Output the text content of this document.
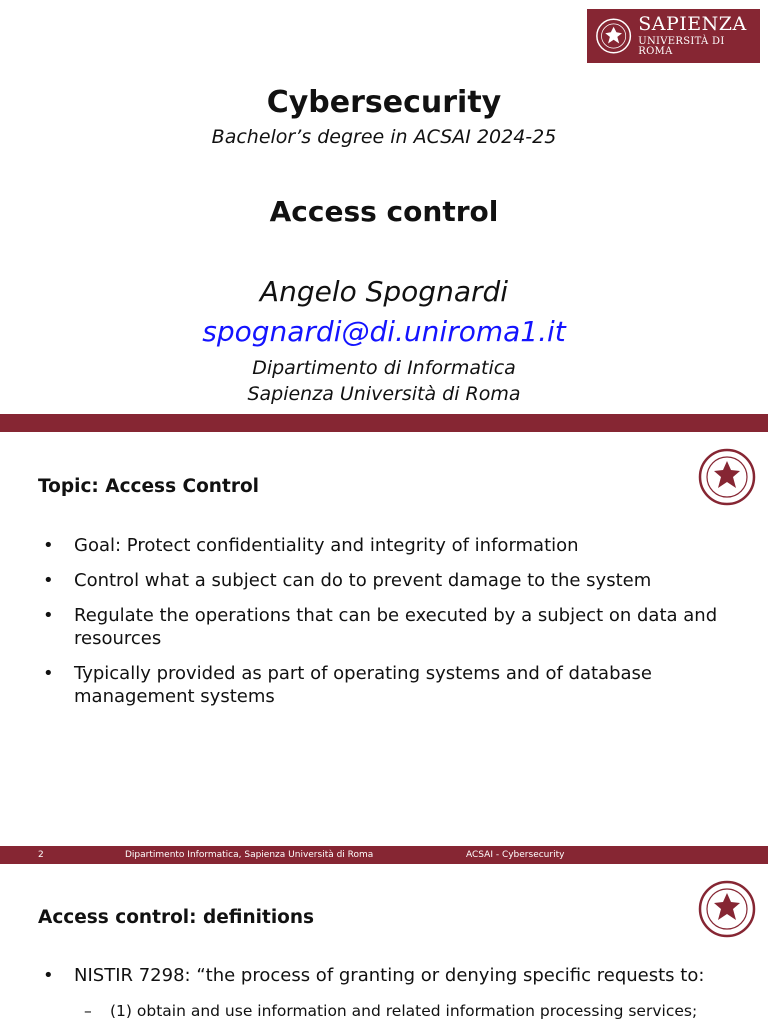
SAPIENZA
UNIVERSITÀ DI ROMA
Cybersecurity
Bachelor’s degree in ACSAI 2024-25
Access control
Angelo Spognardi
spognardi@di.uniroma1.it
Dipartimento di Informatica
Sapienza Università di Roma
Topic: Access Control
• Goal: Protect confidentiality and integrity of information
• Control what a subject can do to prevent damage to the system
• Regulate the operations that can be executed by a subject on data and resources
• Typically provided as part of operating systems and of database management systems
2	Dipartimento Informatica, Sapienza Università di Roma	ACSAI - Cybersecurity
Access control: definitions
• NISTIR 7298: “the process of granting or denying specific requests to:
– (1) obtain and use information and related information processing services;
